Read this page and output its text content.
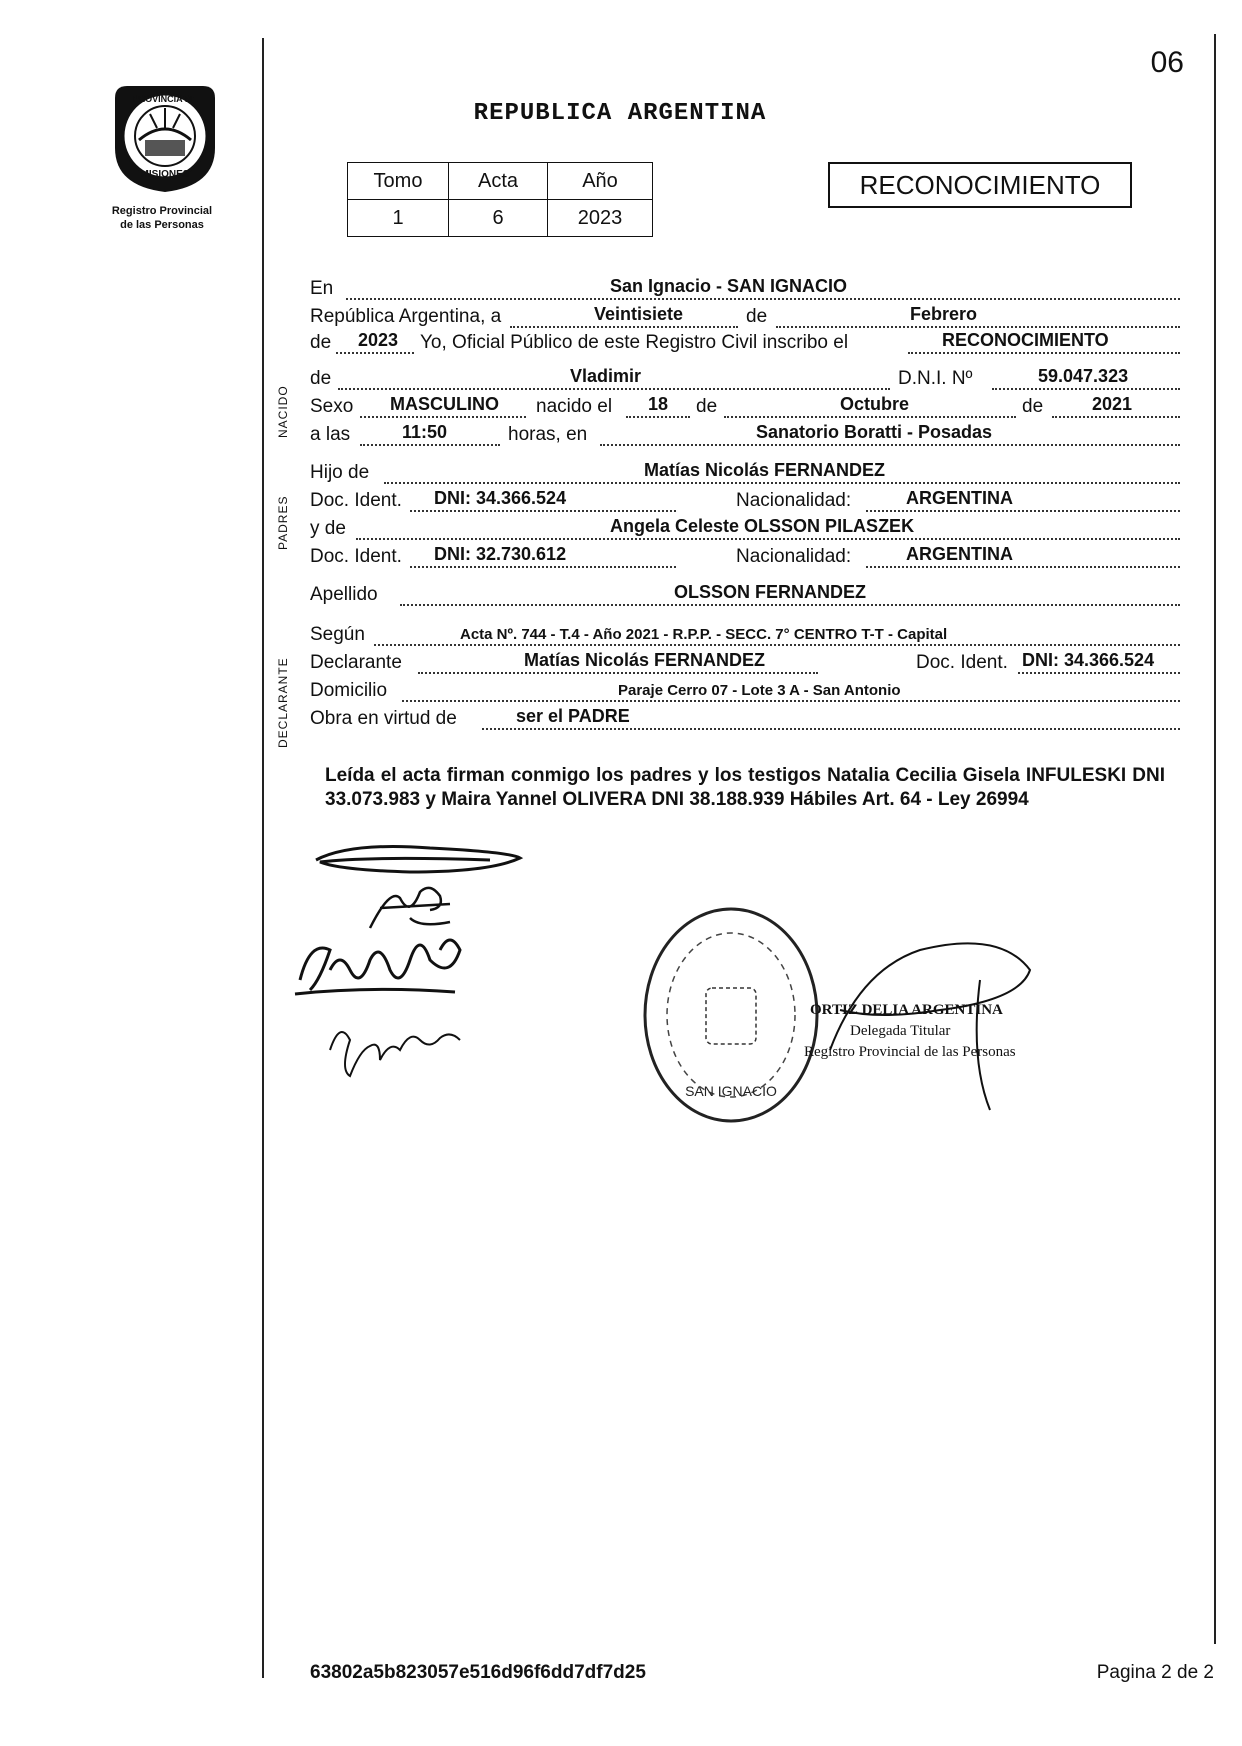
PROVINCIA DE
MISIONES
Registro Provincial
de las Personas
06
REPUBLICA ARGENTINA
Tomo	Acta	Año
1	6	2023
RECONOCIMIENTO
NACIDO
PADRES
DECLARANTE
En	San Ignacio - SAN IGNACIO
República Argentina, a	Veintisiete	de	Febrero
de 2023 Yo, Oficial Público de este Registro Civil inscribo el	RECONOCIMIENTO
de	Vladimir	D.N.I. Nº	59.047.323
Sexo MASCULINO nacido el 18 de	Octubre	de	2021
a las	11:50	horas, en	Sanatorio Boratti - Posadas
Hijo de	Matías Nicolás FERNANDEZ
Doc. Ident. DNI: 34.366.524	Nacionalidad:	ARGENTINA
y de	Angela Celeste OLSSON PILASZEK
Doc. Ident. DNI: 32.730.612	Nacionalidad:	ARGENTINA
Apellido	OLSSON FERNANDEZ
Según	Acta Nº. 744 - T.4 - Año 2021 - R.P.P. - SECC. 7° CENTRO T-T - Capital
Declarante	Matías Nicolás FERNANDEZ	Doc. Ident. DNI: 34.366.524
Domicilio	Paraje Cerro 07 - Lote 3 A - San Antonio
Obra en virtud de	ser el PADRE
Leída el acta firman conmigo los padres y los testigos Natalia Cecilia Gisela INFULESKI DNI 33.073.983 y Maira Yannel OLIVERA DNI 38.188.939 Hábiles Art. 64 - Ley 26994
SAN IGNACIO
ORTIZ DELIA ARGENTINA
Delegada Titular
Registro Provincial de las Personas
63802a5b823057e516d96f6dd7df7d25	Pagina 2 de 2
